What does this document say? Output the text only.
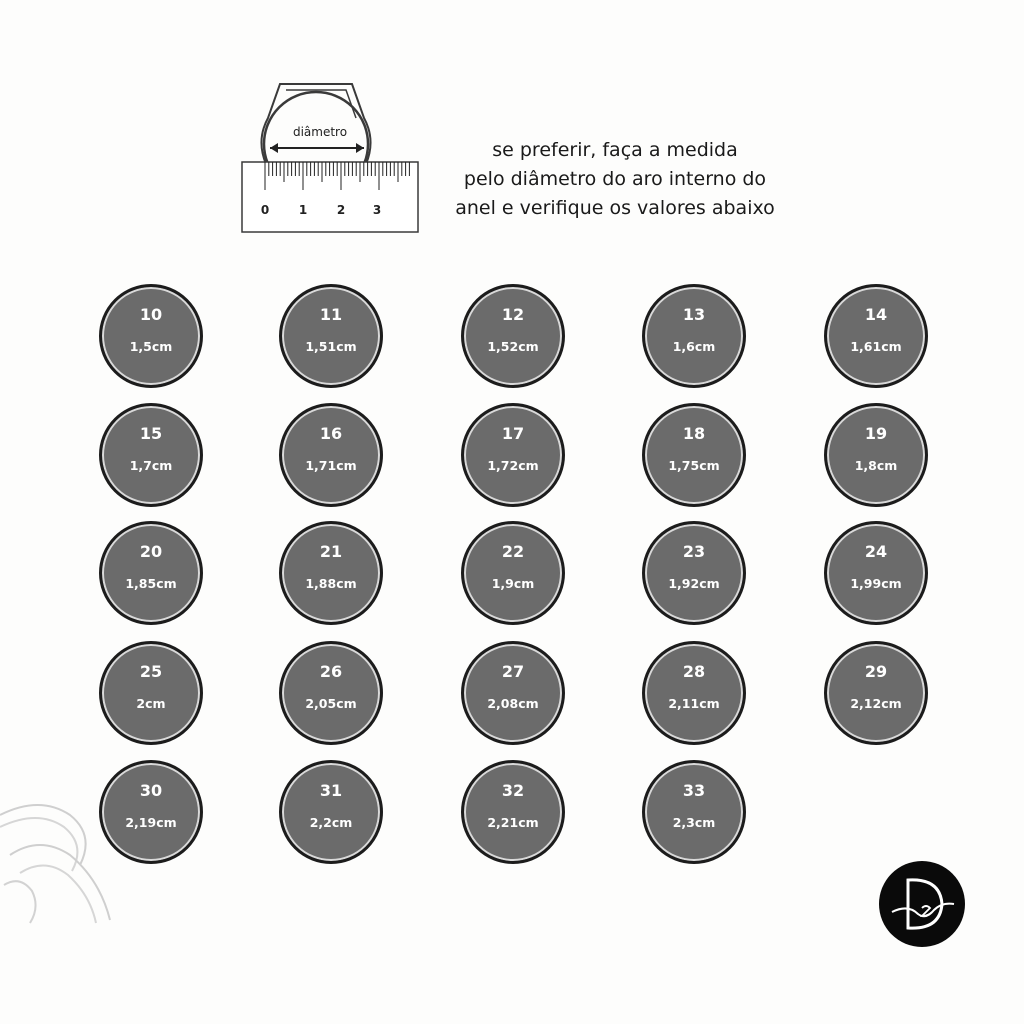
diâmetro
0 1 2 3
se preferir, faça a medida
pelo diâmetro do aro interno do
anel e verifique os valores abaixo
10
1,5cm
11
1,51cm
12
1,52cm
13
1,6cm
14
1,61cm
15
1,7cm
16
1,71cm
17
1,72cm
18
1,75cm
19
1,8cm
20
1,85cm
21
1,88cm
22
1,9cm
23
1,92cm
24
1,99cm
25
2cm
26
2,05cm
27
2,08cm
28
2,11cm
29
2,12cm
30
2,19cm
31
2,2cm
32
2,21cm
33
2,3cm
